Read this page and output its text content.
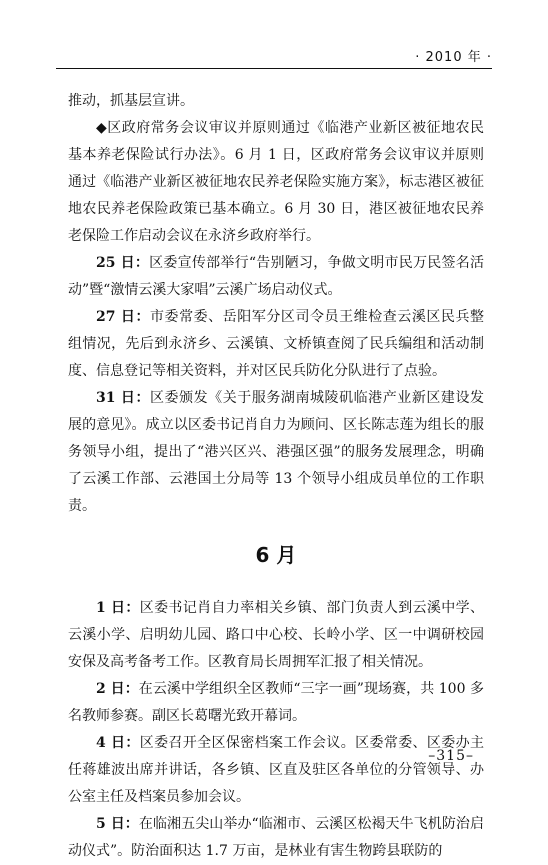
· 2010 年 ·

推动，抓基层宣讲。

◆区政府常务会议审议并原则通过《临港产业新区被征地农民基本养老保险试行办法》。6 月 1 日，区政府常务会议审议并原则通过《临港产业新区被征地农民养老保险实施方案》，标志港区被征地农民养老保险政策已基本确立。6 月 30 日，港区被征地农民养老保险工作启动会议在永济乡政府举行。

25 日：区委宣传部举行“告别陋习，争做文明市民万民签名活动”暨“激情云溪大家唱”云溪广场启动仪式。

27 日：市委常委、岳阳军分区司令员王维检查云溪区民兵整组情况，先后到永济乡、云溪镇、文桥镇查阅了民兵编组和活动制度、信息登记等相关资料，并对区民兵防化分队进行了点验。

31 日：区委颁发《关于服务湖南城陵矶临港产业新区建设发展的意见》。成立以区委书记肖自力为顾问、区长陈志莲为组长的服务领导小组，提出了“港兴区兴、港强区强”的服务发展理念，明确了云溪工作部、云港国土分局等 13 个领导小组成员单位的工作职责。

6 月

1 日：区委书记肖自力率相关乡镇、部门负责人到云溪中学、云溪小学、启明幼儿园、路口中心校、长岭小学、区一中调研校园安保及高考备考工作。区教育局长周拥军汇报了相关情况。

2 日：在云溪中学组织全区教师“三字一画”现场赛，共 100 多名教师参赛。副区长葛曙光致开幕词。

4 日：区委召开全区保密档案工作会议。区委常委、区委办主任蒋雄波出席并讲话，各乡镇、区直及驻区各单位的分管领导、办公室主任及档案员参加会议。

5 日：在临湘五尖山举办“临湘市、云溪区松褐天牛飞机防治启动仪式”。防治面积达 1.7 万亩，是林业有害生物跨县联防的

–315–
